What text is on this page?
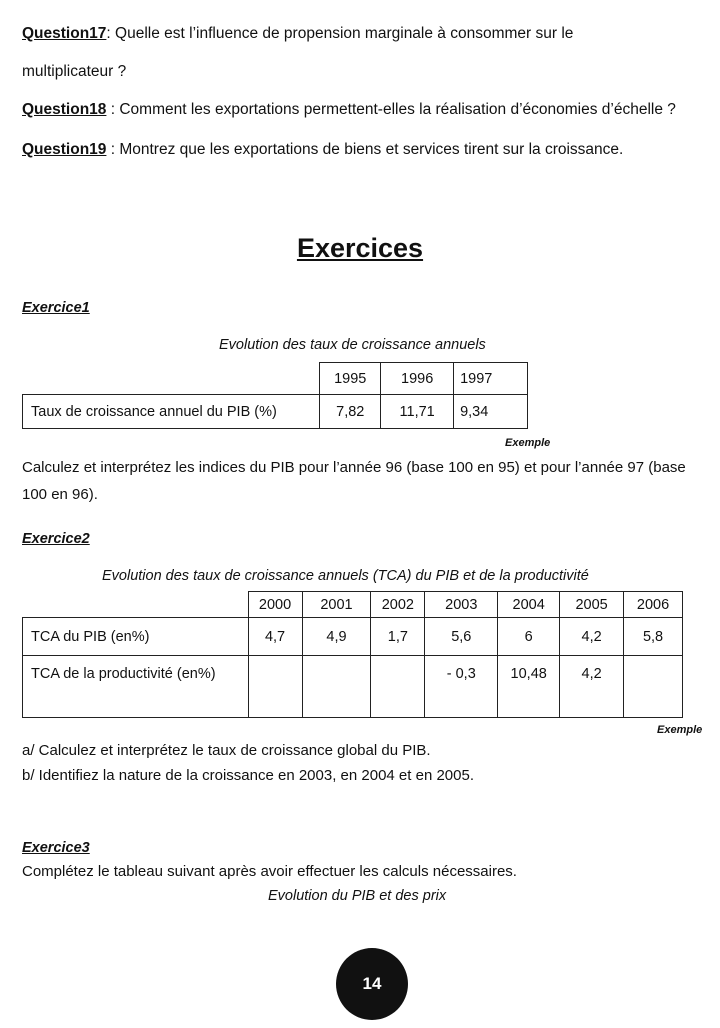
Question17: Quelle est l’influence de propension marginale à consommer sur le
multiplicateur ?
Question18 : Comment les exportations permettent-elles la réalisation d’économies d’échelle ?
Question19 : Montrez que les exportations de biens et services tirent sur la croissance.
Exercices
Exercice1
Evolution des taux de croissance annuels
	1995	1996	1997
Taux de croissance annuel du PIB (%)	7,82	11,71	9,34
Exemple
Calculez et interprétez les indices du PIB pour l’année 96 (base 100 en 95) et pour l’année 97 (base 100 en 96).
Exercice2
Evolution des taux de croissance annuels (TCA) du PIB et de la productivité
	2000	2001	2002	2003	2004	2005	2006
TCA du PIB (en%)	4,7	4,9	1,7	5,6	6	4,2	5,8
TCA de la productivité (en%)				- 0,3	10,48	4,2	
Exemple
a/ Calculez et interprétez le taux de croissance global du PIB.
b/ Identifiez la nature de la croissance en 2003, en 2004 et en 2005.
Exercice3
Complétez le tableau suivant après avoir effectuer les calculs nécessaires.
Evolution du PIB et des prix
14
